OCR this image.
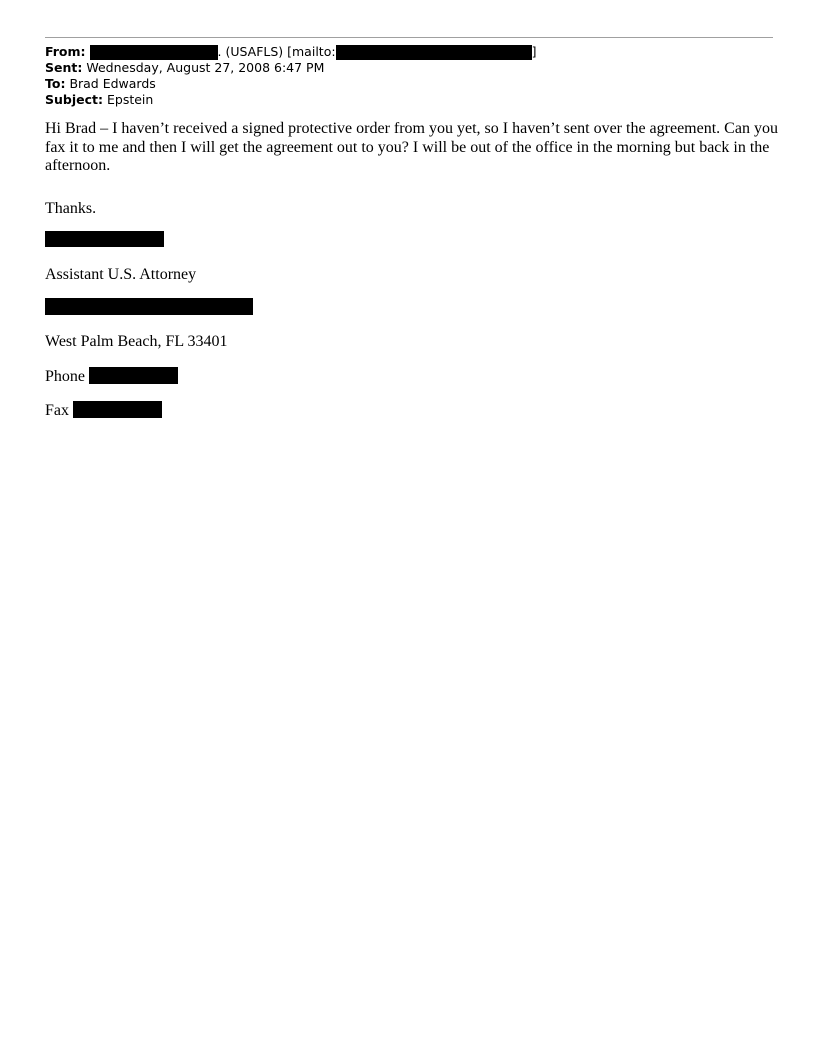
From:	. (USAFLS) [mailto:	]
Sent: Wednesday, August 27, 2008 6:47 PM
To: Brad Edwards
Subject: Epstein

Hi Brad – I haven’t received a signed protective order from you yet, so I haven’t sent over the agreement. Can you fax it to me and then I will get the agreement out to you? I will be out of the office in the morning but back in the afternoon.

Thanks.

Assistant U.S. Attorney

West Palm Beach, FL 33401

Phone

Fax
